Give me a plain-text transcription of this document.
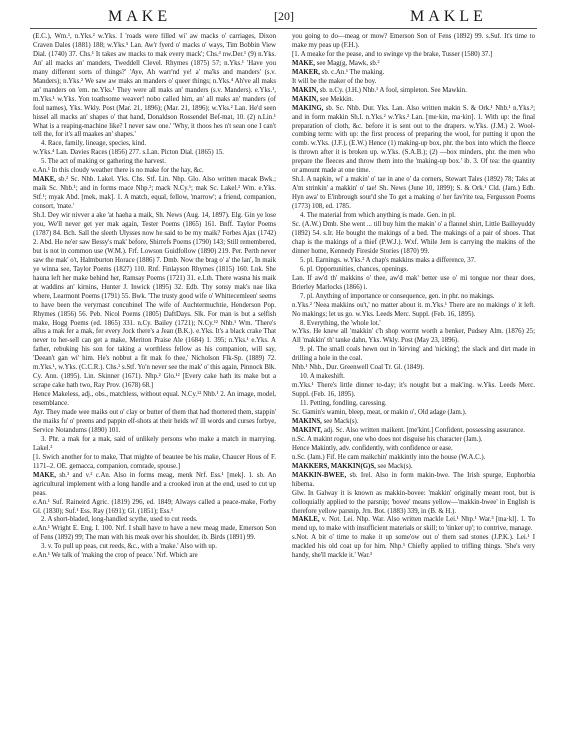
MAKE	[20]	MAKLE

(E.C.), Wm.¹, n.Yks.² w.Yks. I 'roads were filled wi' aw macks o' carriages, Dixon Craven Dales (1881) 188; w.Yks.⁵ Lan. Aw'r fyerd o' macks o' ways, Tim Bobbin View Dial. (1740) 37. Chs.¹ It takes aw macks to mak every mack'; Chs.³ nw.Der.¹ (9) n.Yks. An' all macks an' manders, Tweddell Clevel. Rhymes (1875) 57; n.Yks.¹ 'Have you many different sorts of things?' 'Aye, Ah warr'nd ye! a' ma'ks and manders' (s.v. Manders); n.Yks.² We saw aw maks an manders o' queer things; n.Yks.⁴ Ah've all maks an' manders on 'em. ne.Yks.¹ They were all maks an' manders (s.v. Manders). e.Yks.¹, m.Yks.¹ w.Yks. Yon toathsome weaver! nobo called him, an' all maks an' manders (of foul names), Yks. Wkly. Post (Mar. 21, 1896); (Mar. 21, 1896); w.Yks.² Lan. He'd seen hissel all macks an' shapes o' that hand, Donaldson Rossendel Bef-mat, 10. (2) n.Lin.¹ What is a reaping-machine like? I never saw one.' 'Why, it thoos hes n't sean one I can't tell the, for it's all maakes an' shapes.'

4. Race, family, lineage, species, kind.

w.Yks.⁴ Lan. Davies Races (1856) 277. s.Lan. Picton Dial. (1865) 15.

5. The act of making or gathering the harvest.

e.An.¹ In this cloudy weather there is no make for the hay, &c.

MAKE, sb.² Sc. Nhb. Lakel. Yks. Chs. Stf. Lin. Nhp. Glo. Also written macak Bwk.; maik Sc. Nhb.¹; and in forms mace Nhp.²; mack N.Cy.¹; mak Sc. Lakel.² Wm. e.Yks. Stf.¹; myak Abd. [mek, mak]. 1. A match, equal, fellow, 'marrow'; a friend, companion, consort, 'mate.'

Sh.I. Dey wir nivver a ake 'at haeha a maik, Sh. News (Aug. 14, 1897). Elg. Gin ye lose you, We'll never get yer mak again, Tester Poems (1865) 161. Bnff. Taylor Poems (1787) 84. Bch. Sall the sleeth Ulysses now he said to be my maik? Forbes Ajax (1742) 2. Abd. He ne'er saw Bessy's mak' before, Shirrefs Poems (1790) 143; Still remembered, but is not in common use (W.M.). Frf. Lowson Guidfollow (1890) 219. Per. Perth never saw the mak' o't, Halmburton Horace (1886) 7. Dmb. Now the brag o' a' the lan', In maik ye winna see, Taylor Poems (1827) 110. Rnf. Finlayson Rhymes (1815) 160. Lnk. She hauna left her make behind her, Ramsay Poems (1721) 31. e.Lth. There wasna his maik at waddins an' kirnins, Hunter J. Inwick (1895) 32. Edb. Thy sonsy mak's nae lika where, Learmont Poems (1791) 55. Bwk. 'The trusty good wife o' Whittecemleen' seems to have been the veryrnast concubinel The wife of Auchtermuchtie, Henderson Pop. Rhymes (1856) 56. Peb. Nicol Poems (1805) DaftDays. Slk. For man is but a selfish make, Hogg Poems (ed. 1865) 331. n.Cy. Bailey (1721); N.Cy.¹² Nhb.¹ Wm. 'There's allus a mak fer a mak, fer every Jock there's a Jean (B.K.). e.Yks. It's a black crake That never to her-sell can get a make, Meriton Praise Ale (1684) 1. 395; n.Yks.¹ e.Yks. A father, rebuking his son for taking a worthless fellow as his companion, will say, 'Deean't gan wi' him. He's nobbut a fit mak fo thee,' Nicholson Flk-Sp. (1889) 72. m.Yks.¹, w.Yks. (C.C.R.). Chs.¹ s.Stf. Yo'n never see the mak' o' this again, Pinnock Blk. Cy. Ann. (1895). Lin. Skinner (1671). Nhp.² Glo.¹² [Every cake hath its make but a scrape cake hath two, Ray Prov. (1678) 68.]

Hence Makeless, adj., obs., matchless, without equal. N.Cy.¹² Nhb.¹ 2. An image, model, resemblance.

Ayr. They made wee maiks out o' clay or butter of them that had thortered them, stappin' the maiks fu' o' preens and pappin elf-shots at their heids wi' ill words and curses forbye, Service Notandums (1890) 101.

3. Phr. a mak for a mak, said of unlikely persons who make a match in marrying. Lakel.²

[1. Swich another for to make, That mighte of beautee be his make, Chaucer Hous of F. 1171–2. OE. gemacca, companion, comrade, spouse.]

MAKE, sb.³ and v.² c.An. Also in forms meag, menk Nrf. Ess.¹ [mek]. 1. sb. An agricultural implement with a long handle and a crooked iron at the end, used to cut up peas.

e.An.¹ Suf. Raineird Agric. (1819) 296, ed. 1849; Always called a peace-make, Forby Gl. (1830); Suf.¹ Ess. Ray (1691); Gl. (1851); Ess.¹

2. A short-bladed, long-handled scythe, used to cut reeds.

e.An.¹ Wright E. Eng. I. 100. Nrf. I shall have to have a new meag made, Emerson Son of Fens (1892) 99; The man with his meak over his shoulder, ib. Birds (1891) 99.

3. v. To pull up peas, cut reeds, &c., with a 'make.' Also with up.

e.An.¹ We talk of 'making the crop of peace.' Nrf. Which are

you going to do—meag or mow? Emerson Son of Fens (1892) 99. s.Suf. It's time to make my peas up (F.H.).

[1. A meake for the pease, and to swinge vp the brake, Tusser (1580) 37.]

MAKE, see Mag(g, Mawk, sb.²

MAKER, sb. c.An.¹ The making.

It will be the maker of the boy.

MAKIN, sb. n.Cy. (J.H.) Nhb.¹ A fool, simpleton. See Mawkin.

MAKIN, see Mekkin.

MAKING, sb. Sc. Nhb. Dur. Yks. Lan. Also written makin S. & Ork.¹ Nhb.¹ n.Yks.²; and in form makkin Sh.I. n.Yks.² w.Yks.² Lan. [me·kin, ma·kin]. 1. With up: the final preparation of cloth, &c. before it is sent out to the drapers. w.Yks. (J.M.) 2. Wool-combing term: with up: the first process of preparing the wool, for putting it upon the comb. w.Yks. (J.F.), (E.W.) Hence (1) making-up box, phr. the box into which the fleece is thrown after it is broken up. w.Yks. (S.A.B.); (2) —box minders, phr. the men who prepare the fleeces and throw them into the 'making-up box.' ib. 3. Of tea: the quantity or amount made at one time.

Sh.I. A napkin, wi' a makin' o' tae in ane o' da corners, Stewart Tales (1892) 78; Taks at A'm strinkin' a makkin' o' tae! Sh. News (June 10, 1899); S. & Ork.¹ Cld. (Jam.) Edb. Hyn awa' to E'inbrough sour'd she To get a making o' her fav'rite tea, Fergusson Poems (1773) 108, ed. 1785.

4. The material from which anything is made. Gen. in pl.

Sc. (A.W.) Dmb. She went ... till buy him the makin' o' a flannel shirt, Little Bailleyuddy (1892) 54. s.Ir. He bought the makings of a bed. The makings of a pair of shoes. That chap is the makings of a thief (P.W.J.). Wxf. While Jem is carrying the makins of the dinner home, Kennedy Fireside Stories (1870) 99.

5. pl. Earnings. w.Yks.² A chap's makkins maks a difference, 37.

6. pl. Opportunities, chances, openings.

Lan. If aw'd th' makkins o' thee, aw'd mak' better use o' mi tongue nor thear does, Brierley Marlocks (1866) i.

7. pl. Anything of importance or consequence, gen. in phr. no makings.

n.Yks.² 'Neea makkins ou't,' no matter about it. m.Yks.¹ There are no makings o' it left. No makings; let us go. w.Yks. Leeds Merc. Suppl. (Feb. 16, 1895).

8. Everything, the 'whole lot.'

w.Yks. He knew all 'makkin' c'h shop worrnt worth a benker, Pudsey Alm. (1876) 25; All 'makkin' th' tanke dahn, Yks. Wkly. Post (May 23, 1896).

9. pl. The small coals hewn out in 'kirving' and 'nicking'; the slack and dirt made in drilling a hole in the coal.

Nhb.¹ Nhb., Dur. Greenwell Coal Tr. Gl. (1849).

10. A makeshift.

m.Yks.¹ There's little dinner to-day; it's nought but a mak'ing. w.Yks. Leeds Merc. Suppl. (Feb. 16, 1895).

11. Petting, fondling, caressing.

Sc. Gamin's wamin, bleep, meat, or makin o', Old adage (Jam.).

MAKINS, see Mack(s).

MAKINT, adj. Sc. Also written maikent. [me'kint.] Confident, possessing assurance.

n.Sc. A makint rogue, one who does not disguise his character (Jam.).

Hence Makintly, adv. confidently, with confidence or ease.

n.Sc. (Jam.) Fif. He cam maikchin' makkintly into the house (W.A.C.).

MAKKERS, MAKKIN(G)S, see Mack(s).

MAKKIN-BWEE, sb. Irel. Also in form makin-bwe. The Irish spurge, Euphorbia hiberna.

Glw. In Galway it is known as makkin-bovee: 'makkin' originally meant root, but is colloquially applied to the parsnip; 'bovee' means yellow—'makkin-bwee' in English is therefore yellow parsnip, Jrn. Bot. (1883) 339, in (B. & H.).

MAKLE, v. Not. Lei. Nhp. War. Also written mackle Lei.¹ Nhp.¹ War.³ [ma·kl]. 1. To mend up, to make with insufficient materials or skill; to 'tinker up'; to contrive, manage.

s.Not. A bit o' time to make it up some'ow out o' them sad stones (J.P.K.). Lei.¹ I mackled his old coat up for him. Nhp.¹ Chiefly applied to trifling things. 'She's very handy, she'll mackle it.' War.³
